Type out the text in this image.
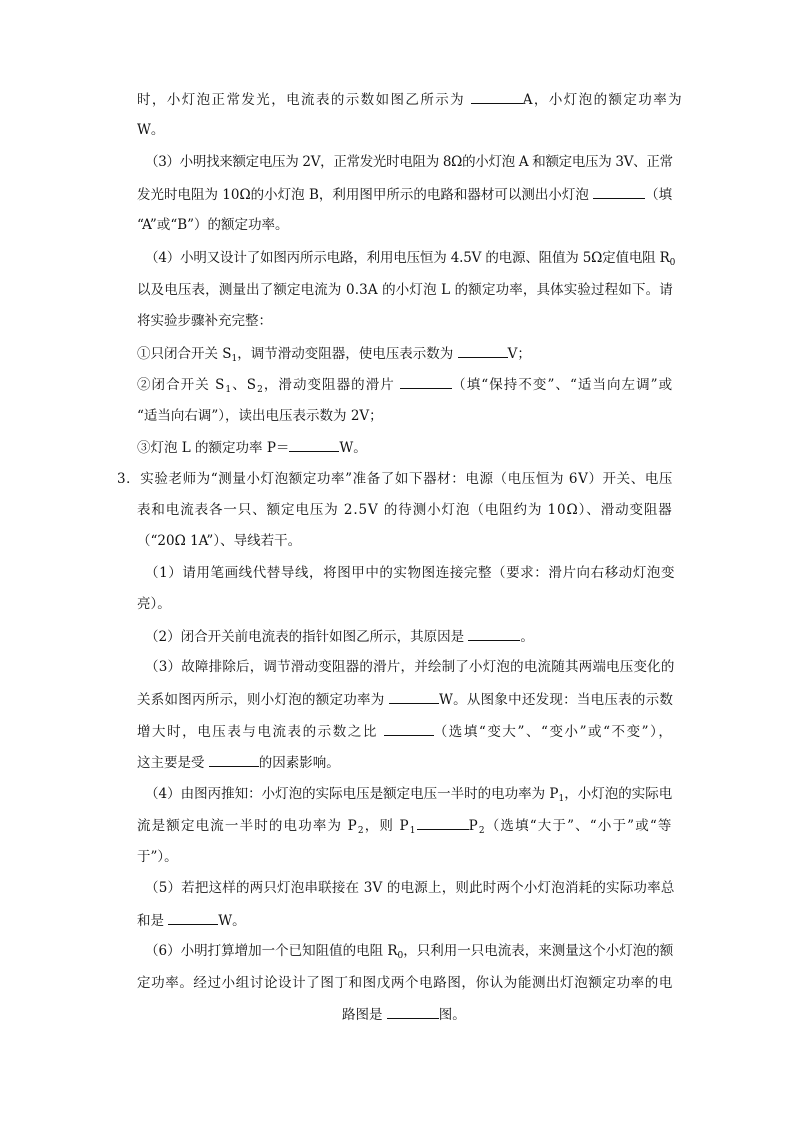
时，小灯泡正常发光，电流表的示数如图乙所示为	A，小灯泡的额定功率为
W。
（3）小明找来额定电压为 2V，正常发光时电阻为 8Ω的小灯泡 A 和额定电压为 3V、正常
发光时电阻为 10Ω的小灯泡 B，利用图甲所示的电路和器材可以测出小灯泡	（填
“A”或“B”）的额定功率。
（4）小明又设计了如图丙所示电路，利用电压恒为 4.5V 的电源、阻值为 5Ω定值电阻 $R_0$
以及电压表，测量出了额定电流为 0.3A 的小灯泡 L 的额定功率，具体实验过程如下。请
将实验步骤补充完整：
①只闭合开关 $S_1$，调节滑动变阻器，使电压表示数为	V；
②闭合开关 $S_1$、$S_2$，滑动变阻器的滑片	（填“保持不变”、“适当向左调”或
“适当向右调”），读出电压表示数为 2V；
③灯泡 L 的额定功率 P＝	W。
3．实验老师为“测量小灯泡额定功率”准备了如下器材：电源（电压恒为 6V）开关、电压
表和电流表各一只、额定电压为 2.5V 的待测小灯泡（电阻约为 10Ω）、滑动变阻器
（“20Ω 1A”）、导线若干。
（1）请用笔画线代替导线，将图甲中的实物图连接完整（要求：滑片向右移动灯泡变
亮）。
（2）闭合开关前电流表的指针如图乙所示，其原因是	。
（3）故障排除后，调节滑动变阻器的滑片，并绘制了小灯泡的电流随其两端电压变化的
关系如图丙所示，则小灯泡的额定功率为	W。从图象中还发现：当电压表的示数
增大时，电压表与电流表的示数之比	（选填“变大”、“变小”或“不变”），
这主要是受	的因素影响。
（4）由图丙推知：小灯泡的实际电压是额定电压一半时的电功率为 $P_1$，小灯泡的实际电
流是额定电流一半时的电功率为 $P_2$，则 $P_1$	$P_2$（选填“大于”、“小于”或“等
于”）。
（5）若把这样的两只灯泡串联接在 3V 的电源上，则此时两个小灯泡消耗的实际功率总
和是	W。
（6）小明打算增加一个已知阻值的电阻 $R_0$，只利用一只电流表，来测量这个小灯泡的额
定功率。经过小组讨论设计了图丁和图戊两个电路图，你认为能测出灯泡额定功率的电
路图是	图。
